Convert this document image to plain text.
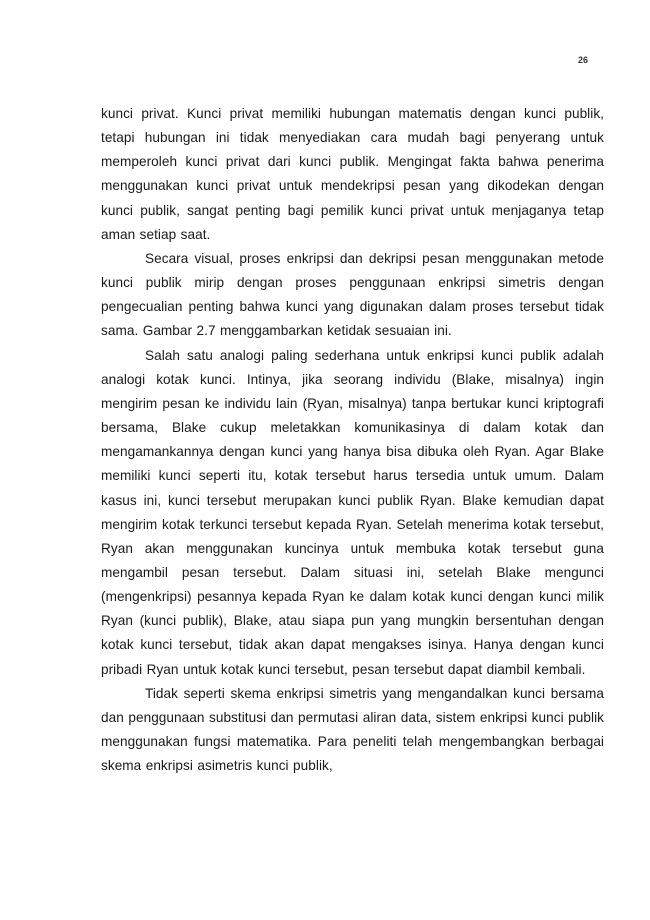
26

kunci privat. Kunci privat memiliki hubungan matematis dengan kunci publik, tetapi hubungan ini tidak menyediakan cara mudah bagi penyerang untuk memperoleh kunci privat dari kunci publik. Mengingat fakta bahwa penerima menggunakan kunci privat untuk mendekripsi pesan yang dikodekan dengan kunci publik, sangat penting bagi pemilik kunci privat untuk menjaganya tetap aman setiap saat.

Secara visual, proses enkripsi dan dekripsi pesan menggunakan metode kunci publik mirip dengan proses penggunaan enkripsi simetris dengan pengecualian penting bahwa kunci yang digunakan dalam proses tersebut tidak sama. Gambar 2.7 menggambarkan ketidak sesuaian ini.

Salah satu analogi paling sederhana untuk enkripsi kunci publik adalah analogi kotak kunci. Intinya, jika seorang individu (Blake, misalnya) ingin mengirim pesan ke individu lain (Ryan, misalnya) tanpa bertukar kunci kriptografi bersama, Blake cukup meletakkan komunikasinya di dalam kotak dan mengamankannya dengan kunci yang hanya bisa dibuka oleh Ryan. Agar Blake memiliki kunci seperti itu, kotak tersebut harus tersedia untuk umum. Dalam kasus ini, kunci tersebut merupakan kunci publik Ryan. Blake kemudian dapat mengirim kotak terkunci tersebut kepada Ryan. Setelah menerima kotak tersebut, Ryan akan menggunakan kuncinya untuk membuka kotak tersebut guna mengambil pesan tersebut. Dalam situasi ini, setelah Blake mengunci (mengenkripsi) pesannya kepada Ryan ke dalam kotak kunci dengan kunci milik Ryan (kunci publik), Blake, atau siapa pun yang mungkin bersentuhan dengan kotak kunci tersebut, tidak akan dapat mengakses isinya. Hanya dengan kunci pribadi Ryan untuk kotak kunci tersebut, pesan tersebut dapat diambil kembali.

Tidak seperti skema enkripsi simetris yang mengandalkan kunci bersama dan penggunaan substitusi dan permutasi aliran data, sistem enkripsi kunci publik menggunakan fungsi matematika. Para peneliti telah mengembangkan berbagai skema enkripsi asimetris kunci publik,
